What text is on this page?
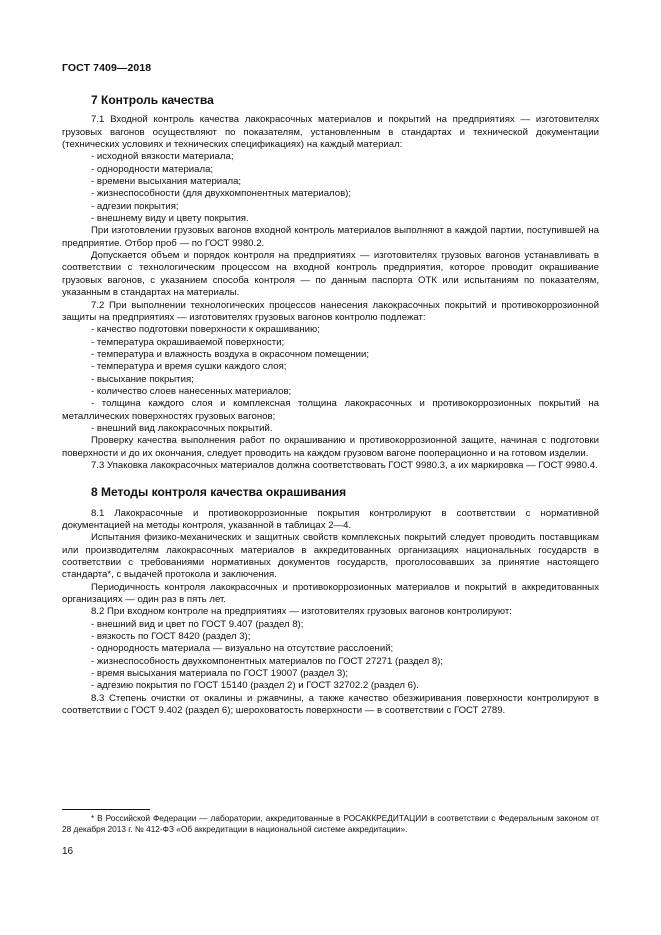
ГОСТ 7409—2018
7 Контроль качества

7.1 Входной контроль качества лакокрасочных материалов и покрытий на предприятиях — изготовителях грузовых вагонов осуществляют по показателям, установленным в стандартах и технической документации (технических условиях и технических спецификациях) на каждый материал:

- исходной вязкости материала;
- однородности материала;
- времени высыхания материала;
- жизнеспособности (для двухкомпонентных материалов);
- адгезии покрытия;
- внешнему виду и цвету покрытия.

При изготовлении грузовых вагонов входной контроль материалов выполняют в каждой партии, поступившей на предприятие. Отбор проб — по ГОСТ 9980.2.

Допускается объем и порядок контроля на предприятиях — изготовителях грузовых вагонов устанавливать в соответствии с технологическим процессом на входной контроль предприятия, которое проводит окрашивание грузовых вагонов, с указанием способа контроля — по данным паспорта ОТК или испытаниям по показателям, указанным в стандартах на материалы.

7.2 При выполнении технологических процессов нанесения лакокрасочных покрытий и противокоррозионной защиты на предприятиях — изготовителях грузовых вагонов контролю подлежат:

- качество подготовки поверхности к окрашиванию;
- температура окрашиваемой поверхности;
- температура и влажность воздуха в окрасочном помещении;
- температура и время сушки каждого слоя;
- высыхание покрытия;
- количество слоев нанесенных материалов;

- толщина каждого слоя и комплексная толщина лакокрасочных и противокоррозионных покрытий на металлических поверхностях грузовых вагонов;

- внешний вид лакокрасочных покрытий.

Проверку качества выполнения работ по окрашиванию и противокоррозионной защите, начиная с подготовки поверхности и до их окончания, следует проводить на каждом грузовом вагоне пооперационно и на готовом изделии.

7.3 Упаковка лакокрасочных материалов должна соответствовать ГОСТ 9980.3, а их маркировка — ГОСТ 9980.4.

8 Методы контроля качества окрашивания

8.1 Лакокрасочные и противокоррозионные покрытия контролируют в соответствии с нормативной документацией на методы контроля, указанной в таблицах 2—4.

Испытания физико-механических и защитных свойств комплексных покрытий следует проводить поставщикам или производителям лакокрасочных материалов в аккредитованных организациях национальных государств в соответствии с требованиями нормативных документов государств, проголосовавших за принятие настоящего стандарта*, с выдачей протокола и заключения.

Периодичность контроля лакокрасочных и противокоррозионных материалов и покрытий в аккредитованных организациях — один раз в пять лет.

8.2 При входном контроле на предприятиях — изготовителях грузовых вагонов контролируют:

- внешний вид и цвет по ГОСТ 9.407 (раздел 8);
- вязкость по ГОСТ 8420 (раздел 3);
- однородность материала — визуально на отсутствие расслоений;
- жизнеспособность двухкомпонентных материалов по ГОСТ 27271 (раздел 8);
- время высыхания материала по ГОСТ 19007 (раздел 3);
- адгезию покрытия по ГОСТ 15140 (раздел 2) и ГОСТ 32702.2 (раздел 6).

8.3 Степень очистки от окалины и ржавчины, а также качество обезжиривания поверхности контролируют в соответствии с ГОСТ 9.402 (раздел 6); шероховатость поверхности — в соответствии с ГОСТ 2789.

* В Российской Федерации — лаборатории, аккредитованные в РОСАККРЕДИТАЦИИ в соответствии с Федеральным законом от 28 декабря 2013 г. № 412-ФЗ «Об аккредитации в национальной системе аккредитации».
16
